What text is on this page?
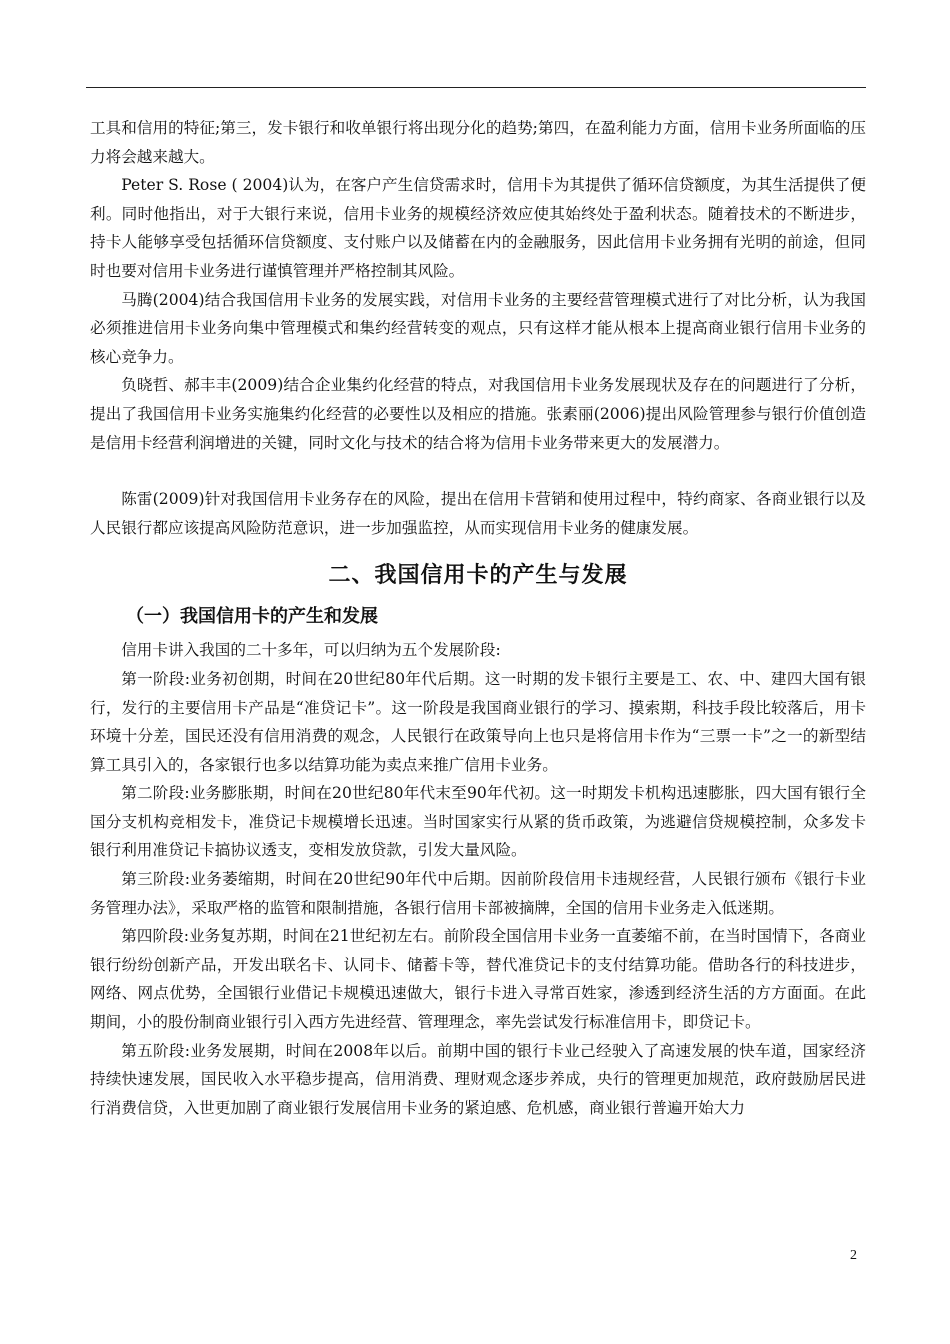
工具和信用的特征;第三，发卡银行和收单银行将出现分化的趋势;第四，在盈利能力方面，信用卡业务所面临的压力将会越来越大。

Peter S. Rose ( 2004)认为，在客户产生信贷需求时，信用卡为其提供了循环信贷额度，为其生活提供了便利。同时他指出，对于大银行来说，信用卡业务的规模经济效应使其始终处于盈利状态。随着技术的不断进步，持卡人能够享受包括循环信贷额度、支付账户以及储蓄在内的金融服务，因此信用卡业务拥有光明的前途，但同时也要对信用卡业务进行谨慎管理并严格控制其风险。

马腾(2004)结合我国信用卡业务的发展实践，对信用卡业务的主要经营管理模式进行了对比分析，认为我国必须推进信用卡业务向集中管理模式和集约经营转变的观点，只有这样才能从根本上提高商业银行信用卡业务的核心竞争力。

负晓哲、郝丰丰(2009)结合企业集约化经营的特点，对我国信用卡业务发展现状及存在的问题进行了分析，提出了我国信用卡业务实施集约化经营的必要性以及相应的措施。张素丽(2006)提出风险管理参与银行价值创造是信用卡经营利润增进的关键，同时文化与技术的结合将为信用卡业务带来更大的发展潜力。

陈雷(2009)针对我国信用卡业务存在的风险，提出在信用卡营销和使用过程中，特约商家、各商业银行以及人民银行都应该提高风险防范意识，进一步加强监控，从而实现信用卡业务的健康发展。

二、我国信用卡的产生与发展
（一）我国信用卡的产生和发展

信用卡讲入我国的二十多年，可以归纳为五个发展阶段:

第一阶段:业务初创期，时间在20世纪80年代后期。这一时期的发卡银行主要是工、农、中、建四大国有银行，发行的主要信用卡产品是“准贷记卡”。这一阶段是我国商业银行的学习、摸索期，科技手段比较落后，用卡环境十分差，国民还没有信用消费的观念，人民银行在政策导向上也只是将信用卡作为“三票一卡”之一的新型结算工具引入的，各家银行也多以结算功能为卖点来推广信用卡业务。

第二阶段:业务膨胀期，时间在20世纪80年代末至90年代初。这一时期发卡机构迅速膨胀，四大国有银行全国分支机构竞相发卡，准贷记卡规模增长迅速。当时国家实行从紧的货币政策，为逃避信贷规模控制，众多发卡银行利用准贷记卡搞协议透支，变相发放贷款，引发大量风险。

第三阶段:业务萎缩期，时间在20世纪90年代中后期。因前阶段信用卡违规经营，人民银行颁布《银行卡业务管理办法》，采取严格的监管和限制措施，各银行信用卡部被摘牌，全国的信用卡业务走入低迷期。

第四阶段:业务复苏期，时间在21世纪初左右。前阶段全国信用卡业务一直萎缩不前，在当时国情下，各商业银行纷纷创新产品，开发出联名卡、认同卡、储蓄卡等，替代准贷记卡的支付结算功能。借助各行的科技进步，网络、网点优势，全国银行业借记卡规模迅速做大，银行卡进入寻常百姓家，渗透到经济生活的方方面面。在此期间，小的股份制商业银行引入西方先进经营、管理理念，率先尝试发行标准信用卡，即贷记卡。

第五阶段:业务发展期，时间在2008年以后。前期中国的银行卡业己经驶入了高速发展的快车道，国家经济持续快速发展，国民收入水平稳步提高，信用消费、理财观念逐步养成，央行的管理更加规范，政府鼓励居民进行消费信贷，入世更加剧了商业银行发展信用卡业务的紧迫感、危机感，商业银行普遍开始大力

2
